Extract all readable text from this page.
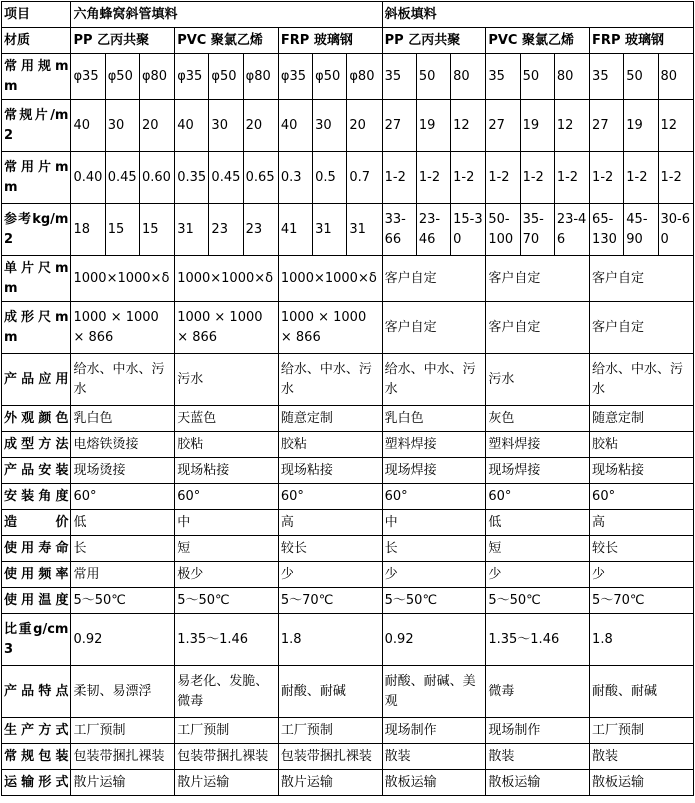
项目	六角蜂窝斜管填料									斜板填料								
材质	PP 乙丙共聚			PVC 聚氯乙烯			FRP 玻璃钢			PP 乙丙共聚			PVC 聚氯乙烯			FRP 玻璃钢		
常用规mm	φ35	φ50	φ80	φ35	φ50	φ80	φ35	φ50	φ80	35	50	80	35	50	80	35	50	80
常规片/m2	40	30	20	40	30	20	40	30	20	27	19	12	27	19	12	27	19	12
常用片mm	0.40	0.45	0.60	0.35	0.45	0.65	0.3	0.5	0.7	1-2	1-2	1-2	1-2	1-2	1-2	1-2	1-2	1-2
参考kg/m2	18	15	15	31	23	23	41	31	31	33-66	23-46	15-30	50-100	35-70	23-46	65-130	45-90	30-60
单片尺mm	1000×1000×δ			1000×1000×δ			1000×1000×δ			客户自定			客户自定			客户自定		
成形尺mm	1000 × 1000 × 866			1000 × 1000 × 866			1000 × 1000 × 866			客户自定			客户自定			客户自定		
产品应用	给水、中水、污水			污水			给水、中水、污水			给水、中水、污水			污水			给水、中水、污水		
外观颜色	乳白色			天蓝色			随意定制			乳白色			灰色			随意定制		
成型方法	电熔铁烫接			胶粘			胶粘			塑料焊接			塑料焊接			胶粘		
产品安装	现场烫接			现场粘接			现场粘接			现场焊接			现场焊接			现场粘接		
安装角度	60°			60°			60°			60°			60°			60°		
造价	低			中			高			中			低			高		
使用寿命	长			短			较长			长			短			较长		
使用频率	常用			极少			少			少			少			少		
使用温度	5～50℃			5～50℃			5～70℃			5～50℃			5～50℃			5～70℃		
比重g/cm3	0.92			1.35～1.46			1.8			0.92			1.35～1.46			1.8		
产品特点	柔韧、易漂浮			易老化、发脆、微毒			耐酸、耐碱			耐酸、耐碱、美观			微毒			耐酸、耐碱		
生产方式	工厂预制			工厂预制			工厂预制			现场制作			现场制作			工厂预制		
常规包装	包装带捆扎裸装			包装带捆扎裸装			包装带捆扎裸装			散装			散装			散装		
运输形式	散片运输			散片运输			散片运输			散板运输			散板运输			散板运输		
